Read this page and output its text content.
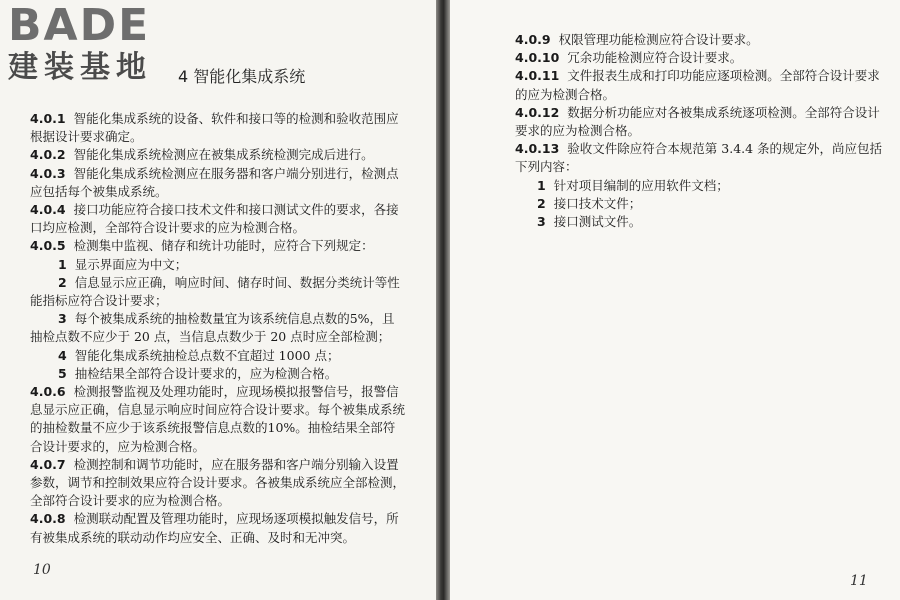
BADE
建装基地 4 智能化集成系统

4.0.1 智能化集成系统的设备、软件和接口等的检测和验收范围应根据设计要求确定。

4.0.2 智能化集成系统检测应在被集成系统检测完成后进行。

4.0.3 智能化集成系统检测应在服务器和客户端分别进行，检测点应包括每个被集成系统。

4.0.4 接口功能应符合接口技术文件和接口测试文件的要求，各接口均应检测，全部符合设计要求的应为检测合格。

4.0.5 检测集中监视、储存和统计功能时，应符合下列规定：

1 显示界面应为中文；

2 信息显示应正确，响应时间、储存时间、数据分类统计等性能指标应符合设计要求；

3 每个被集成系统的抽检数量宜为该系统信息点数的5%，且抽检点数不应少于 20 点，当信息点数少于 20 点时应全部检测；

4 智能化集成系统抽检总点数不宜超过 1000 点；

5 抽检结果全部符合设计要求的，应为检测合格。

4.0.6 检测报警监视及处理功能时，应现场模拟报警信号，报警信息显示应正确，信息显示响应时间应符合设计要求。每个被集成系统的抽检数量不应少于该系统报警信息点数的10%。抽检结果全部符合设计要求的，应为检测合格。

4.0.7 检测控制和调节功能时，应在服务器和客户端分别输入设置参数，调节和控制效果应符合设计要求。各被集成系统应全部检测，全部符合设计要求的应为检测合格。

4.0.8 检测联动配置及管理功能时，应现场逐项模拟触发信号，所有被集成系统的联动动作均应安全、正确、及时和无冲突。

10

4.0.9 权限管理功能检测应符合设计要求。

4.0.10 冗余功能检测应符合设计要求。

4.0.11 文件报表生成和打印功能应逐项检测。全部符合设计要求的应为检测合格。

4.0.12 数据分析功能应对各被集成系统逐项检测。全部符合设计要求的应为检测合格。

4.0.13 验收文件除应符合本规范第 3.4.4 条的规定外，尚应包括下列内容：

1 针对项目编制的应用软件文档；

2 接口技术文件；

3 接口测试文件。

11
